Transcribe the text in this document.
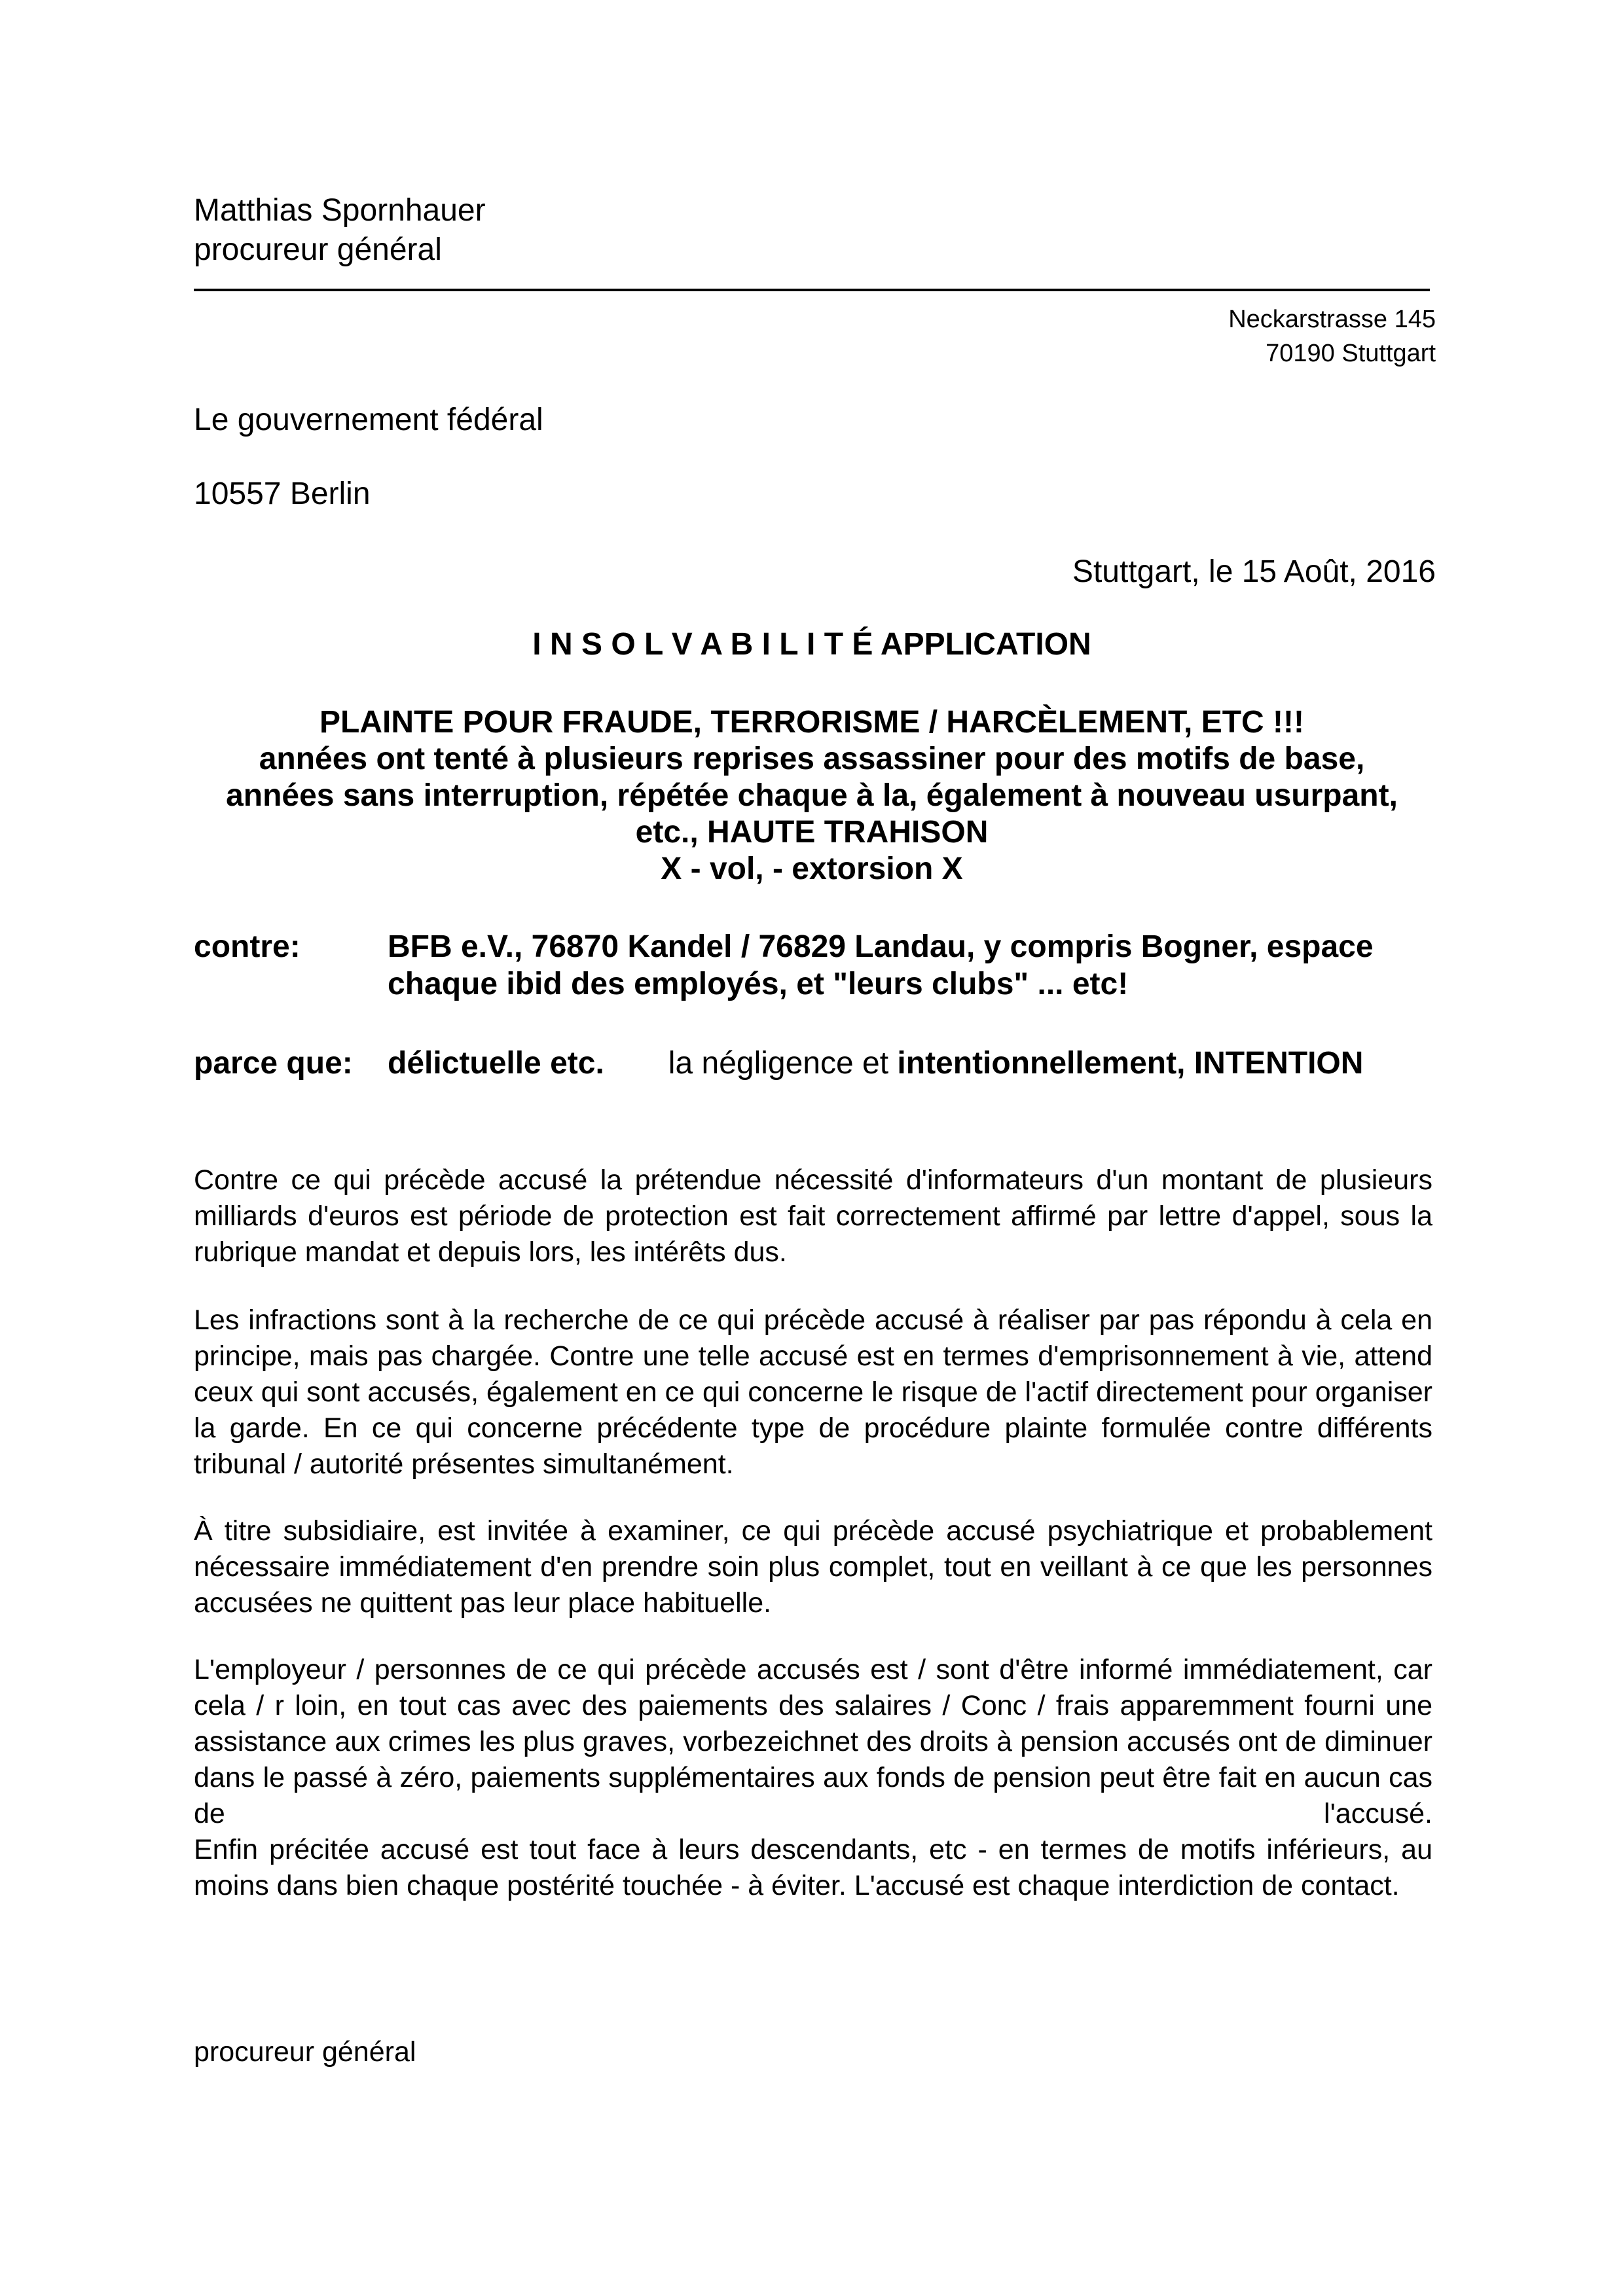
Matthias Spornhauer
procureur général
Neckarstrasse 145
70190 Stuttgart
Le gouvernement fédéral
10557 Berlin
Stuttgart, le 15 Août, 2016
I N S O L V A B I L I T É APPLICATION
PLAINTE POUR FRAUDE, TERRORISME / HARCÈLEMENT, ETC !!!
années ont tenté à plusieurs reprises assassiner pour des motifs de base,
années sans interruption, répétée chaque à la, également à nouveau usurpant,
etc., HAUTE TRAHISON
X - vol, - extorsion X
contre:	BFB e.V., 76870 Kandel / 76829 Landau, y compris Bogner, espace chaque ibid des employés, et "leurs clubs" ... etc!
parce que: délictuelle etc. la négligence et intentionnellement, INTENTION
Contre ce qui précède accusé la prétendue nécessité d'informateurs d'un montant de plusieurs milliards d'euros est période de protection est fait correctement affirmé par lettre d'appel, sous la rubrique mandat et depuis lors, les intérêts dus.
Les infractions sont à la recherche de ce qui précède accusé à réaliser par pas répondu à cela en principe, mais pas chargée. Contre une telle accusé est en termes d'emprisonnement à vie, attend ceux qui sont accusés, également en ce qui concerne le risque de l'actif directement pour organiser la garde. En ce qui concerne précédente type de procédure plainte formulée contre différents tribunal / autorité présentes simultanément.
À titre subsidiaire, est invitée à examiner, ce qui précède accusé psychiatrique et probablement nécessaire immédiatement d'en prendre soin plus complet, tout en veillant à ce que les personnes accusées ne quittent pas leur place habituelle.
L'employeur / personnes de ce qui précède accusés est / sont d'être informé immédiatement, car cela / r loin, en tout cas avec des paiements des salaires / Conc / frais apparemment fourni une assistance aux crimes les plus graves, vorbezeichnet des droits à pension accusés ont de diminuer dans le passé à zéro, paiements supplémentaires aux fonds de pension peut être fait en aucun cas de l'accusé.
Enfin précitée accusé est tout face à leurs descendants, etc - en termes de motifs inférieurs, au moins dans bien chaque postérité touchée - à éviter. L'accusé est chaque interdiction de contact.
procureur général
